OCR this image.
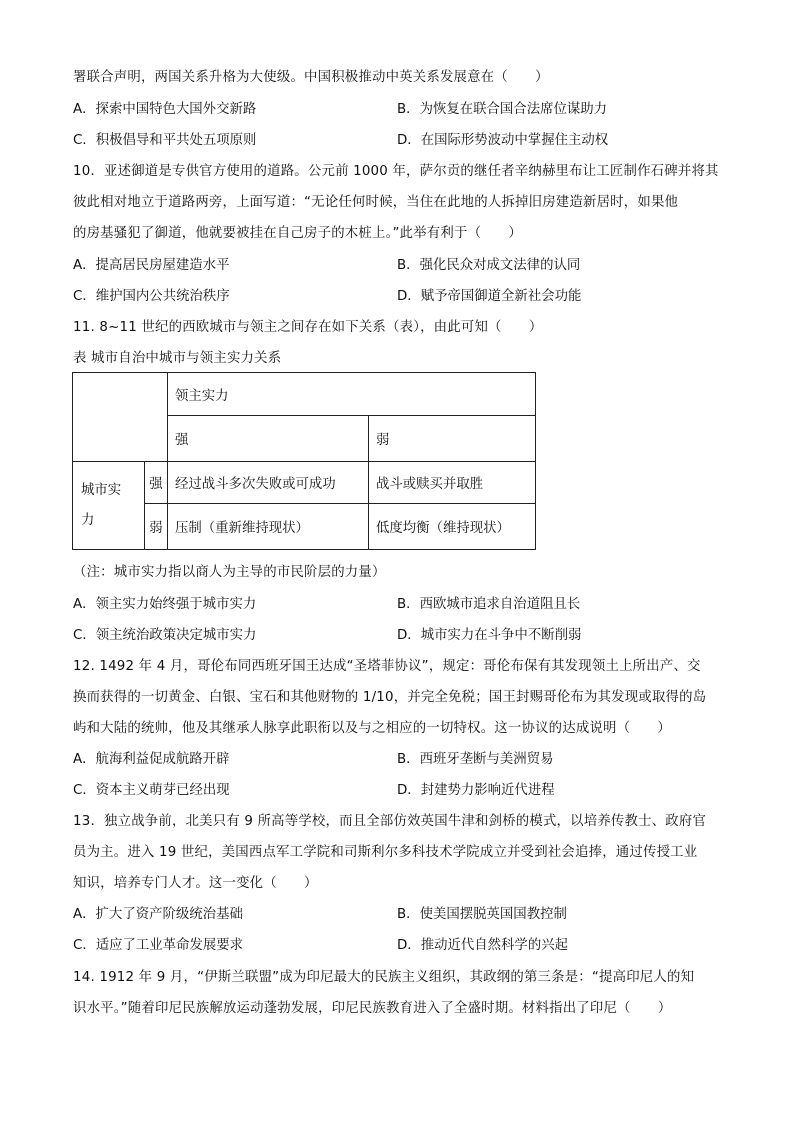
署联合声明，两国关系升格为大使级。中国积极推动中英关系发展意在（　　）
A．探索中国特色大国外交新路	B．为恢复在联合国合法席位谋助力
C．积极倡导和平共处五项原则	D．在国际形势波动中掌握住主动权
10．亚述御道是专供官方使用的道路。公元前 1000 年，萨尔贡的继任者辛纳赫里布让工匠制作石碑并将其
彼此相对地立于道路两旁，上面写道：“无论任何时候，当住在此地的人拆掉旧房建造新居时，如果他
的房基骚犯了御道，他就要被挂在自己房子的木桩上。”此举有利于（　　）
A．提高居民房屋建造水平	B．强化民众对成文法律的认同
C．维护国内公共统治秩序	D．赋予帝国御道全新社会功能
11. 8~11 世纪的西欧城市与领主之间存在如下关系（表），由此可知（　　）
表 城市自治中城市与领主实力关系
		领主实力	
		强	弱

城市实力	强	经过战斗多次失败或可成功	战斗或赎买并取胜
	弱	压制（重新维持现状）	低度均衡（维持现状）
（注：城市实力指以商人为主导的市民阶层的力量）
A．领主实力始终强于城市实力	B．西欧城市追求自治道阻且长
C．领主统治政策决定城市实力	D．城市实力在斗争中不断削弱
12. 1492 年 4 月，哥伦布同西班牙国王达成“圣塔菲协议”，规定：哥伦布保有其发现领土上所出产、交
换而获得的一切黄金、白银、宝石和其他财物的 1/10，并完全免税；国王封赐哥伦布为其发现或取得的岛
屿和大陆的统帅，他及其继承人脉享此职衔以及与之相应的一切特权。这一协议的达成说明（　　）
A．航海利益促成航路开辟	B．西班牙垄断与美洲贸易
C．资本主义萌芽已经出现	D．封建势力影响近代进程
13．独立战争前，北美只有 9 所高等学校，而且全部仿效英国牛津和剑桥的模式，以培养传教士、政府官
员为主。进入 19 世纪，美国西点军工学院和司斯利尔多科技术学院成立并受到社会追捧，通过传授工业
知识，培养专门人才。这一变化（　　）
A．扩大了资产阶级统治基础	B．使美国摆脱英国国教控制
C．适应了工业革命发展要求	D．推动近代自然科学的兴起
14. 1912 年 9 月，“伊斯兰联盟”成为印尼最大的民族主义组织，其政纲的第三条是：“提高印尼人的知
识水平。”随着印尼民族解放运动蓬勃发展，印尼民族教育进入了全盛时期。材料指出了印尼（　　）
